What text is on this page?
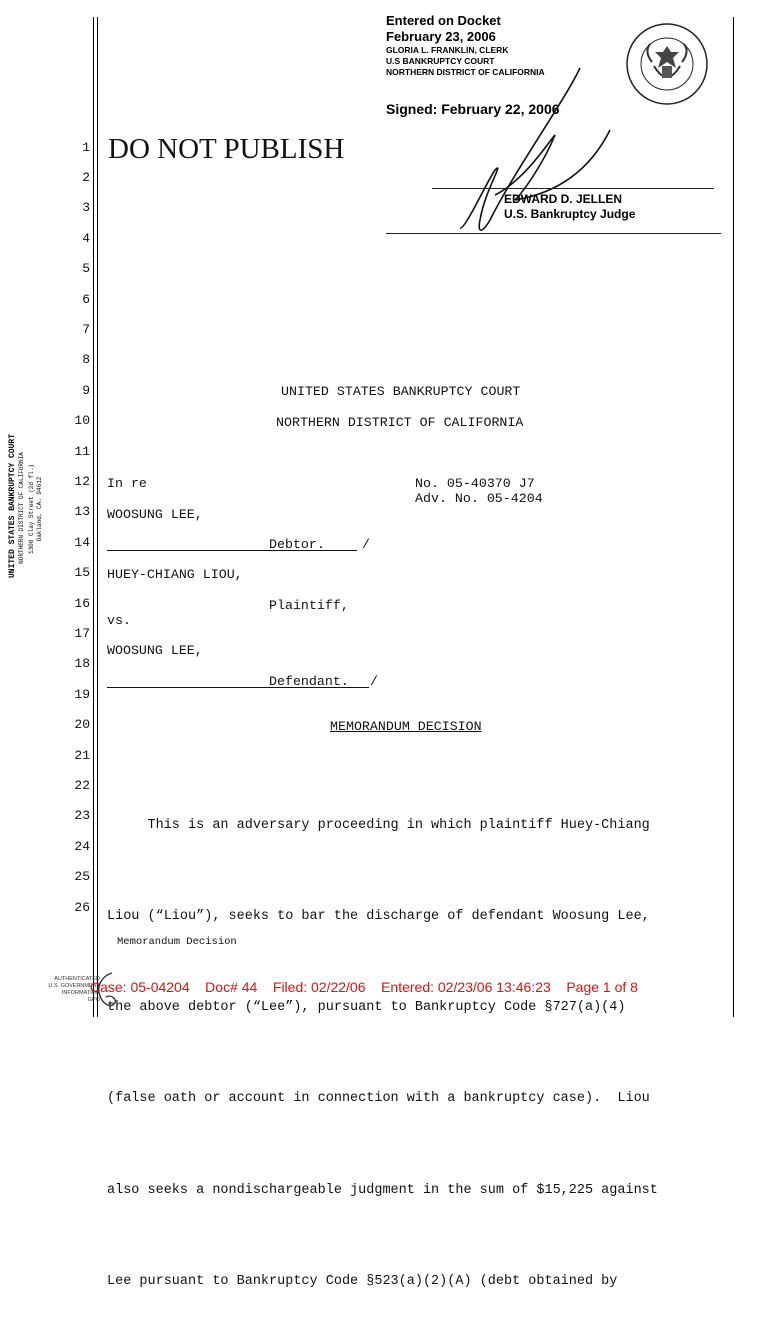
Entered on Docket
February 23, 2006
GLORIA L. FRANKLIN, CLERK
U.S BANKRUPTCY COURT
NORTHERN DISTRICT OF CALIFORNIA
Signed: February 22, 2006
EDWARD D. JELLEN
U.S. Bankruptcy Judge
DO NOT PUBLISH
UNITED STATES BANKRUPTCY COURT NORTHERN DISTRICT OF CALIFORNIA 1300 Clay Street (2d fl.) Oakland, CA. 94612
1
2
3
4
5
6
7
8
9
10
11
12
13
14
15
16
17
18
19
20
21
22
23
24
25
26
UNITED STATES BANKRUPTCY COURT
NORTHERN DISTRICT OF CALIFORNIA
In re	No. 05-40370 J7
Adv. No. 05-4204
WOOSUNG LEE,
Debtor.	/
HUEY-CHIANG LIOU,
Plaintiff,
vs.
WOOSUNG LEE,
Defendant. /
MEMORANDUM DECISION

This is an adversary proceeding in which plaintiff Huey-Chiang

Liou (“Liou”), seeks to bar the discharge of defendant Woosung Lee,

the above debtor (“Lee”), pursuant to Bankruptcy Code §727(a)(4)

(false oath or account in connection with a bankruptcy case).  Liou

also seeks a nondischargeable judgment in the sum of $15,225 against

Lee pursuant to Bankruptcy Code §523(a)(2)(A) (debt obtained by

Memorandum Decision
AUTHENTICATED
U.S. GOVERNMENT
INFORMATION
GPO
Case: 05-04204    Doc# 44    Filed: 02/22/06    Entered: 02/23/06 13:46:23    Page 1 of 8
